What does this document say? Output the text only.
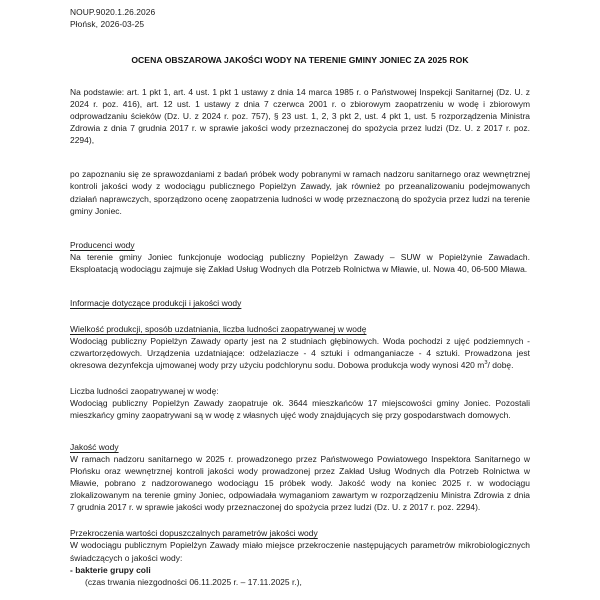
NOUP.9020.1.26.2026
Płońsk, 2026-03-25
OCENA OBSZAROWA JAKOŚCI WODY NA TERENIE GMINY JONIEC ZA 2025 ROK

Na podstawie: art. 1 pkt 1, art. 4 ust. 1 pkt 1 ustawy z dnia 14 marca 1985 r. o Państwowej Inspekcji Sanitarnej (Dz. U. z 2024 r. poz. 416), art. 12 ust. 1 ustawy z dnia 7 czerwca 2001 r. o zbiorowym zaopatrzeniu w wodę i zbiorowym odprowadzaniu ścieków (Dz. U. z 2024 r. poz. 757), § 23 ust. 1, 2, 3 pkt 2, ust. 4 pkt 1, ust. 5 rozporządzenia Ministra Zdrowia z dnia 7 grudnia 2017 r. w sprawie jakości wody przeznaczonej do spożycia przez ludzi (Dz. U. z 2017 r. poz. 2294),

po zapoznaniu się ze sprawozdaniami z badań próbek wody pobranymi w ramach nadzoru sanitarnego oraz wewnętrznej kontroli jakości wody z wodociągu publicznego Popielżyn Zawady, jak również po przeanalizowaniu podejmowanych działań naprawczych, sporządzono ocenę zaopatrzenia ludności w wodę przeznaczoną do spożycia przez ludzi na terenie gminy Joniec.

Producenci wody

Na terenie gminy Joniec funkcjonuje wodociąg publiczny Popielżyn Zawady – SUW w Popielżynie Zawadach. Eksploatacją wodociągu zajmuje się Zakład Usług Wodnych dla Potrzeb Rolnictwa w Mławie, ul. Nowa 40, 06-500 Mława.

Informacje dotyczące produkcji i jakości wody
Wielkość produkcji, sposób uzdatniania, liczba ludności zaopatrywanej w wodę

Wodociąg publiczny Popielżyn Zawady oparty jest na 2 studniach głębinowych. Woda pochodzi z ujęć podziemnych - czwartorzędowych. Urządzenia uzdatniające: odżelaziacze - 4 sztuki i odmanganiacze - 4 sztuki. Prowadzona jest okresowa dezynfekcja ujmowanej wody przy użyciu podchlorynu sodu. Dobowa produkcja wody wynosi 420 $m^3/$ dobę.

Liczba ludności zaopatrywanej w wodę:

Wodociąg publiczny Popielżyn Zawady zaopatruje ok. 3644 mieszkańców 17 miejscowości gminy Joniec. Pozostali mieszkańcy gminy zaopatrywani są w wodę z własnych ujęć wody znajdujących się przy gospodarstwach domowych.

Jakość wody

W ramach nadzoru sanitarnego w 2025 r. prowadzonego przez Państwowego Powiatowego Inspektora Sanitarnego w Płońsku oraz wewnętrznej kontroli jakości wody prowadzonej przez Zakład Usług Wodnych dla Potrzeb Rolnictwa w Mławie, pobrano z nadzorowanego wodociągu 15 próbek wody. Jakość wody na koniec 2025 r. w wodociągu zlokalizowanym na terenie gminy Joniec, odpowiadała wymaganiom zawartym w rozporządzeniu Ministra Zdrowia z dnia 7 grudnia 2017 r. w sprawie jakości wody przeznaczonej do spożycia przez ludzi (Dz. U. z 2017 r. poz. 2294).

Przekroczenia wartości dopuszczalnych parametrów jakości wody

W wodociągu publicznym Popielżyn Zawady miało miejsce przekroczenie następujących parametrów mikrobiologicznych świadczących o jakości wody:

- bakterie grupy coli

(czas trwania niezgodności 06.11.2025 r. – 17.11.2025 r.),
